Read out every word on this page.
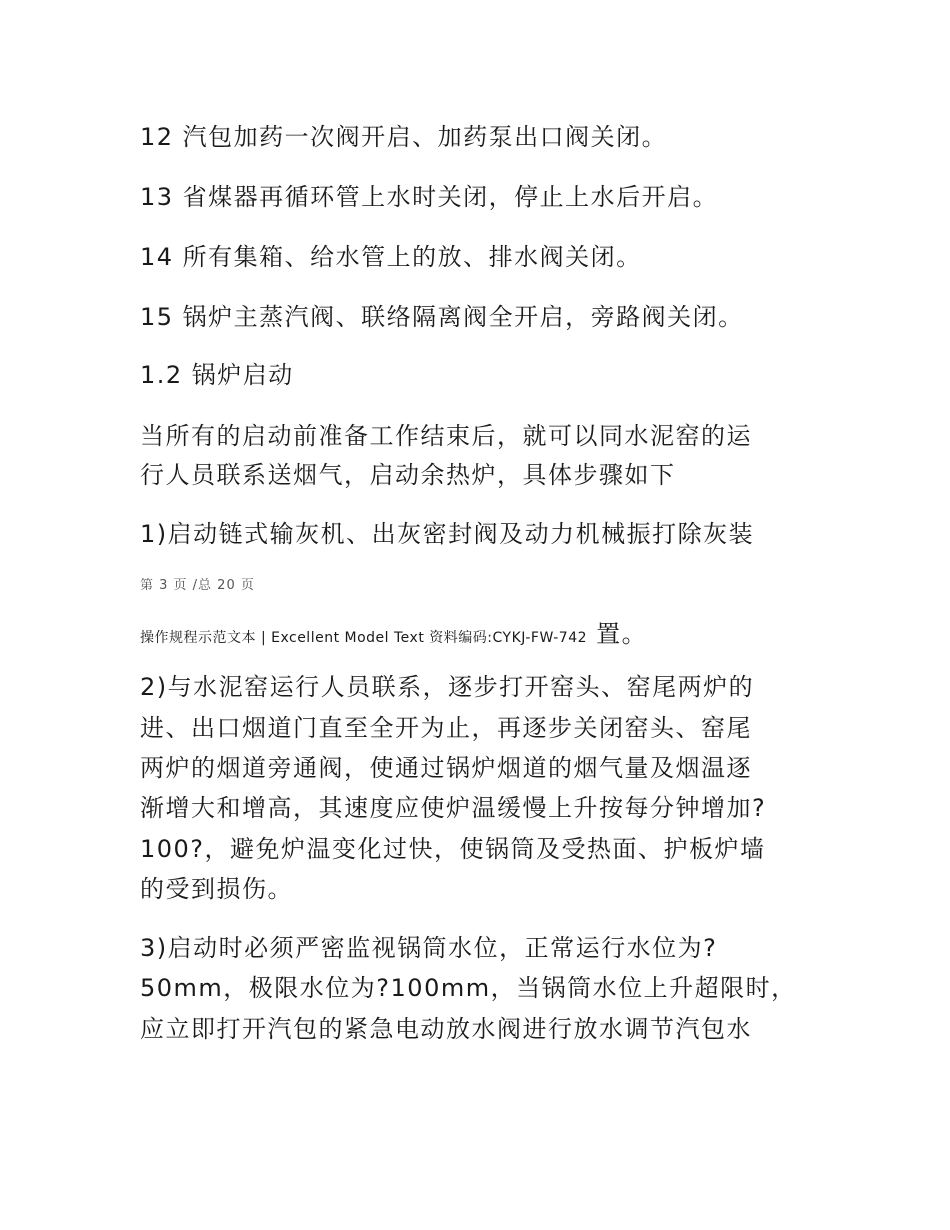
12 汽包加药一次阀开启、加药泵出口阀关闭。

13 省煤器再循环管上水时关闭，停止上水后开启。

14 所有集箱、给水管上的放、排水阀关闭。

15 锅炉主蒸汽阀、联络隔离阀全开启，旁路阀关闭。

1.2 锅炉启动

当所有的启动前准备工作结束后，就可以同水泥窑的运

行人员联系送烟气，启动余热炉，具体步骤如下

1)启动链式输灰机、出灰密封阀及动力机械振打除灰装

第 3 页 /总 20 页

操作规程示范文本 | Excellent Model Text 资料编码:CYKJ-FW-742 置。

2)与水泥窑运行人员联系，逐步打开窑头、窑尾两炉的

进、出口烟道门直至全开为止，再逐步关闭窑头、窑尾

两炉的烟道旁通阀，使通过锅炉烟道的烟气量及烟温逐

渐增大和增高，其速度应使炉温缓慢上升按每分钟增加?

100?，避免炉温变化过快，使锅筒及受热面、护板炉墙

的受到损伤。

3)启动时必须严密监视锅筒水位，正常运行水位为?

50mm，极限水位为?100mm，当锅筒水位上升超限时，

应立即打开汽包的紧急电动放水阀进行放水调节汽包水
